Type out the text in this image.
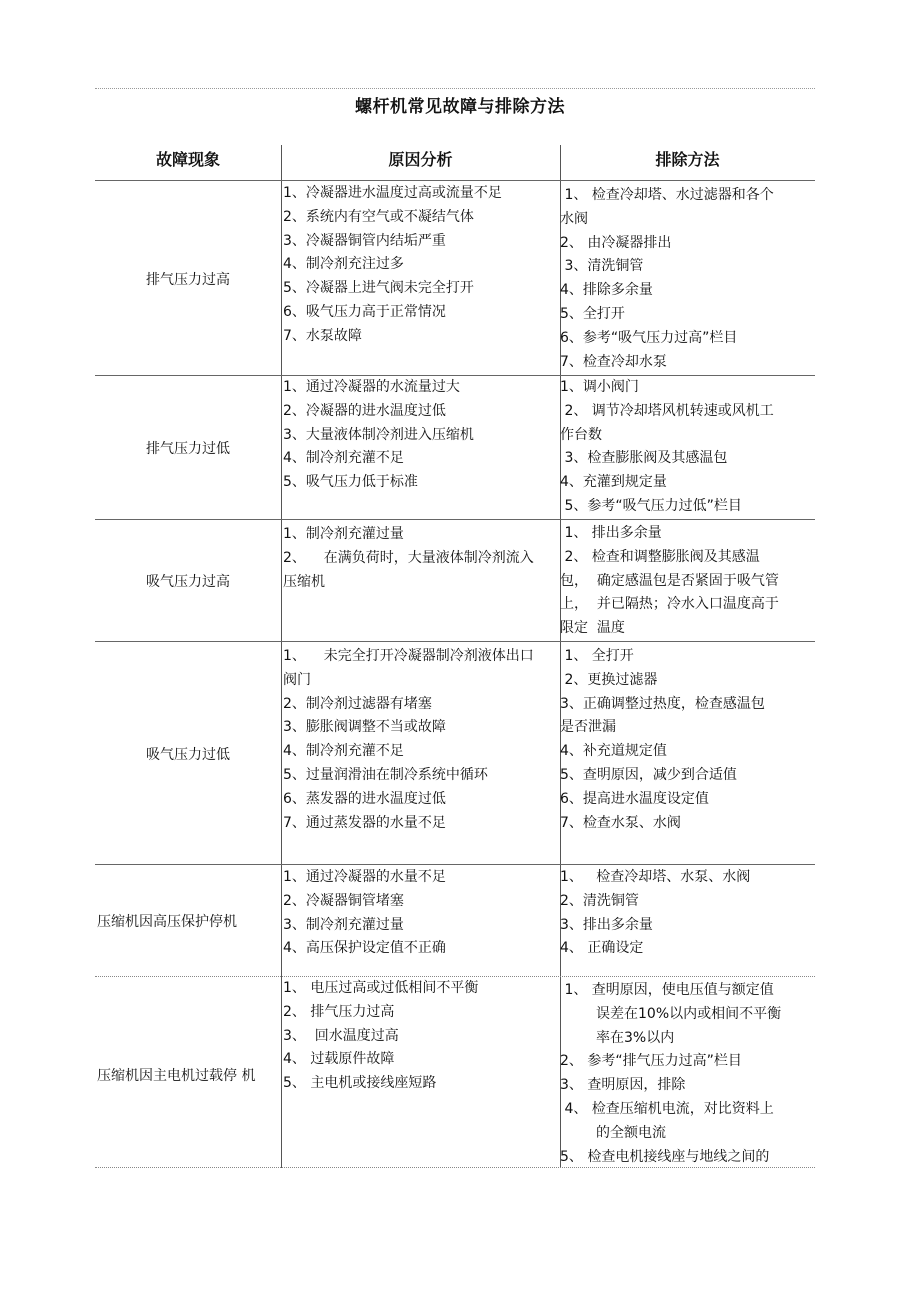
螺杆机常见故障与排除方法
故障现象	原因分析	排除方法
排气压力过高
1、冷凝器进水温度过高或流量不足
2、系统内有空气或不凝结气体
3、冷凝器铜管内结垢严重
4、制冷剂充注过多
5、冷凝器上进气阀未完全打开
6、吸气压力高于正常情况
7、水泵故障
1、 检查冷却塔、水过滤器和各个
水阀
2、 由冷凝器排出
3、清洗铜管
4、排除多余量
5、全打开
6、参考“吸气压力过高”栏目
7、检查冷却水泵
排气压力过低
1、通过冷凝器的水流量过大
2、冷凝器的进水温度过低
3、大量液体制冷剂进入压缩机
4、制冷剂充灌不足
5、吸气压力低于标准
1、调小阀门
2、 调节冷却塔风机转速或风机工
作台数
3、检查膨胀阀及其感温包
4、充灌到规定量
5、参考“吸气压力过低”栏目
吸气压力过高
1、制冷剂充灌过量
2、    在满负荷时，大量液体制冷剂流入
压缩机
1、 排出多余量
2、 检查和调整膨胀阀及其感温
包，  确定感温包是否紧固于吸气管
上，  并已隔热；冷水入口温度高于
限定  温度
吸气压力过低
1、    未完全打开冷凝器制冷剂液体出口
阀门
2、制冷剂过滤器有堵塞
3、膨胀阀调整不当或故障
4、制冷剂充灌不足
5、过量润滑油在制冷系统中循环
6、蒸发器的进水温度过低
7、通过蒸发器的水量不足
1、 全打开
2、更换过滤器
3、正确调整过热度，检查感温包
是否泄漏
4、补充道规定值
5、查明原因，减少到合适值
6、提高进水温度设定值
7、检查水泵、水阀
压缩机因高压保护停机
1、通过冷凝器的水量不足
2、冷凝器铜管堵塞
3、制冷剂充灌过量
4、高压保护设定值不正确
1、   检查冷却塔、水泵、水阀
2、清洗铜管
3、排出多余量
4、 正确设定
压缩机因主电机过载停 机
1、 电压过高或过低相间不平衡
2、 排气压力过高
3、  回水温度过高
4、 过载原件故障
5、 主电机或接线座短路
1、 查明原因，使电压值与额定值
误差在10%以内或相间不平衡
率在3%以内
2、 参考“排气压力过高”栏目
3、 查明原因，排除
4、 检查压缩机电流，对比资料上
的全额电流
5、 检查电机接线座与地线之间的
